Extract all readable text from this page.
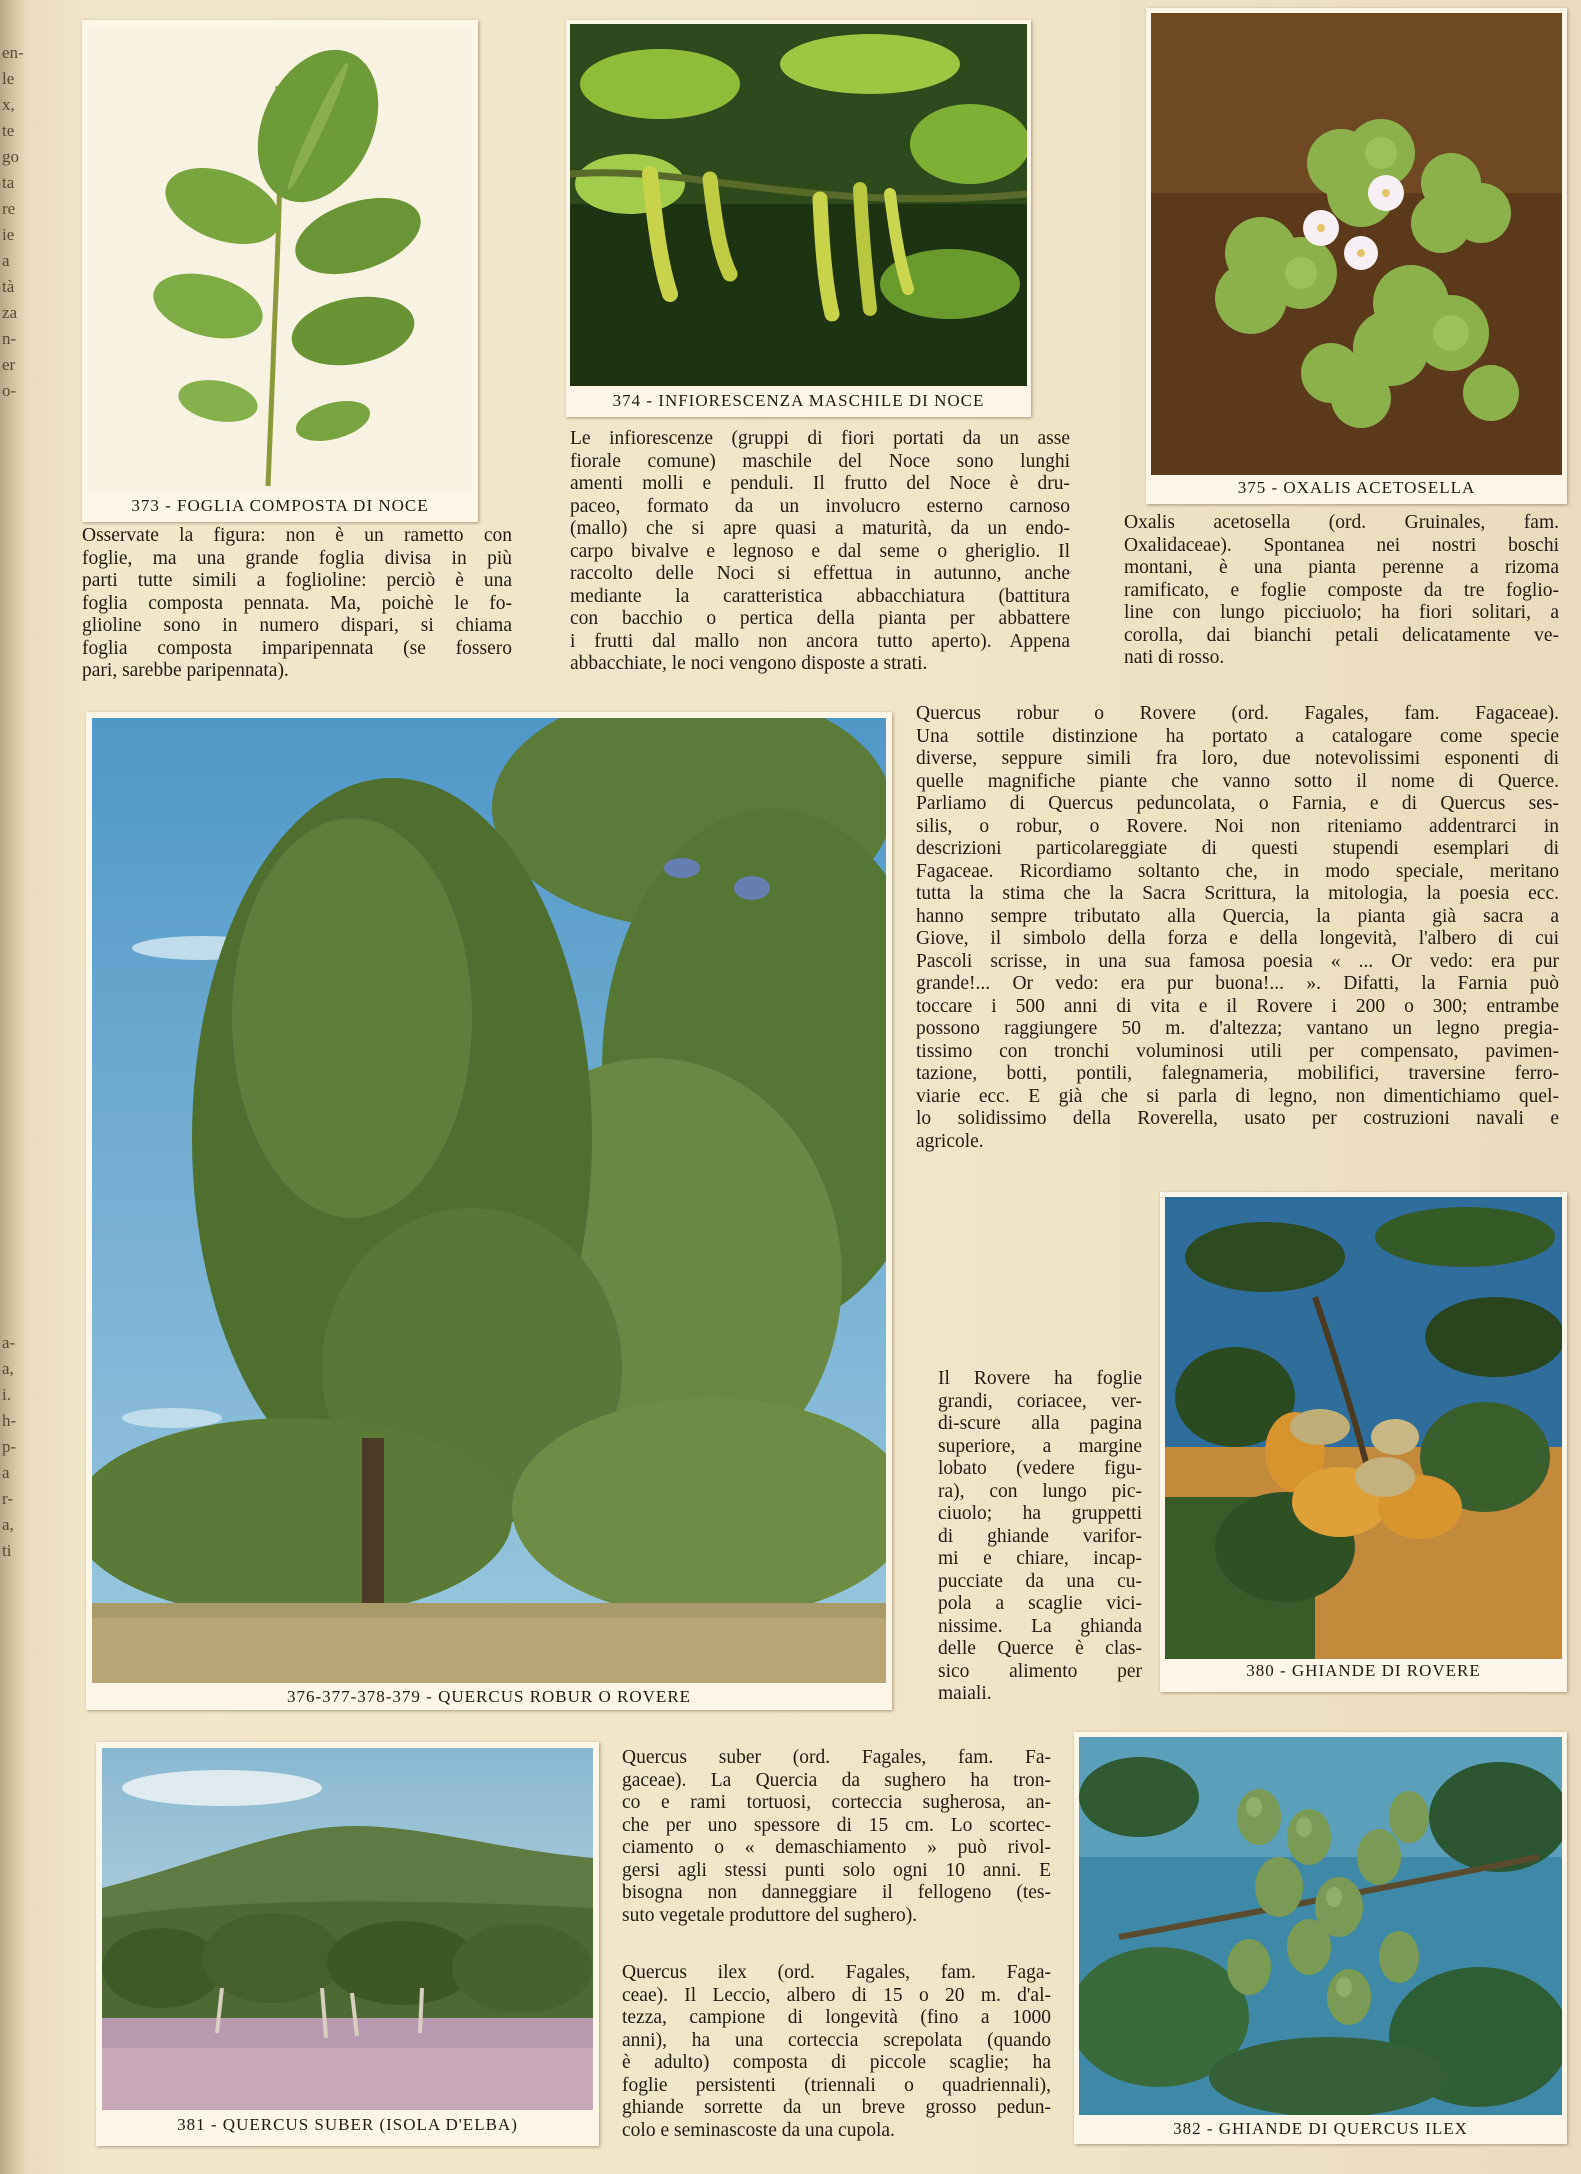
en-
le
x,
te
go
ta
re
ie
a
tà
za
n-
er
o-
a-
a,
i.
h-
p-
a
r-
a,
ti
373 - FOGLIA COMPOSTA DI NOCE
374 - INFIORESCENZA MASCHILE DI NOCE
375 - OXALIS ACETOSELLA
Osservate la figura: non è un rametto con
foglie, ma una grande foglia divisa in più
parti tutte simili a foglioline: perciò è una
foglia composta pennata. Ma, poichè le fo-
glioline sono in numero dispari, si chiama
foglia composta imparipennata (se fossero
pari, sarebbe paripennata).
Le infiorescenze (gruppi di fiori portati da un asse
fiorale comune) maschile del Noce sono lunghi
amenti molli e penduli. Il frutto del Noce è dru-
paceo, formato da un involucro esterno carnoso
(mallo) che si apre quasi a maturità, da un endo-
carpo bivalve e legnoso e dal seme o gheriglio. Il
raccolto delle Noci si effettua in autunno, anche
mediante la caratteristica abbacchiatura (battitura
con bacchio o pertica della pianta per abbattere
i frutti dal mallo non ancora tutto aperto). Appena
abbacchiate, le noci vengono disposte a strati.
Oxalis acetosella (ord. Gruinales, fam.
Oxalidaceae). Spontanea nei nostri boschi
montani, è una pianta perenne a rizoma
ramificato, e foglie composte da tre foglio-
line con lungo picciuolo; ha fiori solitari, a
corolla, dai bianchi petali delicatamente ve-
nati di rosso.
376-377-378-379 - QUERCUS ROBUR O ROVERE
Quercus robur o Rovere (ord. Fagales, fam. Fagaceae).
Una sottile distinzione ha portato a catalogare come specie
diverse, seppure simili fra loro, due notevolissimi esponenti di
quelle magnifiche piante che vanno sotto il nome di Querce.
Parliamo di Quercus peduncolata, o Farnia, e di Quercus ses-
silis, o robur, o Rovere. Noi non riteniamo addentrarci in
descrizioni particolareggiate di questi stupendi esemplari di
Fagaceae. Ricordiamo soltanto che, in modo speciale, meritano
tutta la stima che la Sacra Scrittura, la mitologia, la poesia ecc.
hanno sempre tributato alla Quercia, la pianta già sacra a
Giove, il simbolo della forza e della longevità, l'albero di cui
Pascoli scrisse, in una sua famosa poesia « ... Or vedo: era pur
grande!... Or vedo: era pur buona!... ». Difatti, la Farnia può
toccare i 500 anni di vita e il Rovere i 200 o 300; entrambe
possono raggiungere 50 m. d'altezza; vantano un legno pregia-
tissimo con tronchi voluminosi utili per compensato, pavimen-
tazione, botti, pontili, falegnameria, mobilifici, traversine ferro-
viarie ecc. E già che si parla di legno, non dimentichiamo quel-
lo solidissimo della Roverella, usato per costruzioni navali e
agricole.
380 - GHIANDE DI ROVERE
Il Rovere ha foglie
grandi, coriacee, ver-
di-scure alla pagina
superiore, a margine
lobato (vedere figu-
ra), con lungo pic-
ciuolo; ha gruppetti
di ghiande varifor-
mi e chiare, incap-
pucciate da una cu-
pola a scaglie vici-
nissime. La ghianda
delle Querce è clas-
sico alimento per
maiali.
381 - QUERCUS SUBER (ISOLA D'ELBA)
Quercus suber (ord. Fagales, fam. Fa-
gaceae). La Quercia da sughero ha tron-
co e rami tortuosi, corteccia sugherosa, an-
che per uno spessore di 15 cm. Lo scortec-
ciamento o « demaschiamento » può rivol-
gersi agli stessi punti solo ogni 10 anni. E
bisogna non danneggiare il fellogeno (tes-
suto vegetale produttore del sughero).
Quercus ilex (ord. Fagales, fam. Faga-
ceae). Il Leccio, albero di 15 o 20 m. d'al-
tezza, campione di longevità (fino a 1000
anni), ha una corteccia screpolata (quando
è adulto) composta di piccole scaglie; ha
foglie persistenti (triennali o quadriennali),
ghiande sorrette da un breve grosso pedun-
colo e seminascoste da una cupola.	382 - GHIANDE DI QUERCUS ILEX
